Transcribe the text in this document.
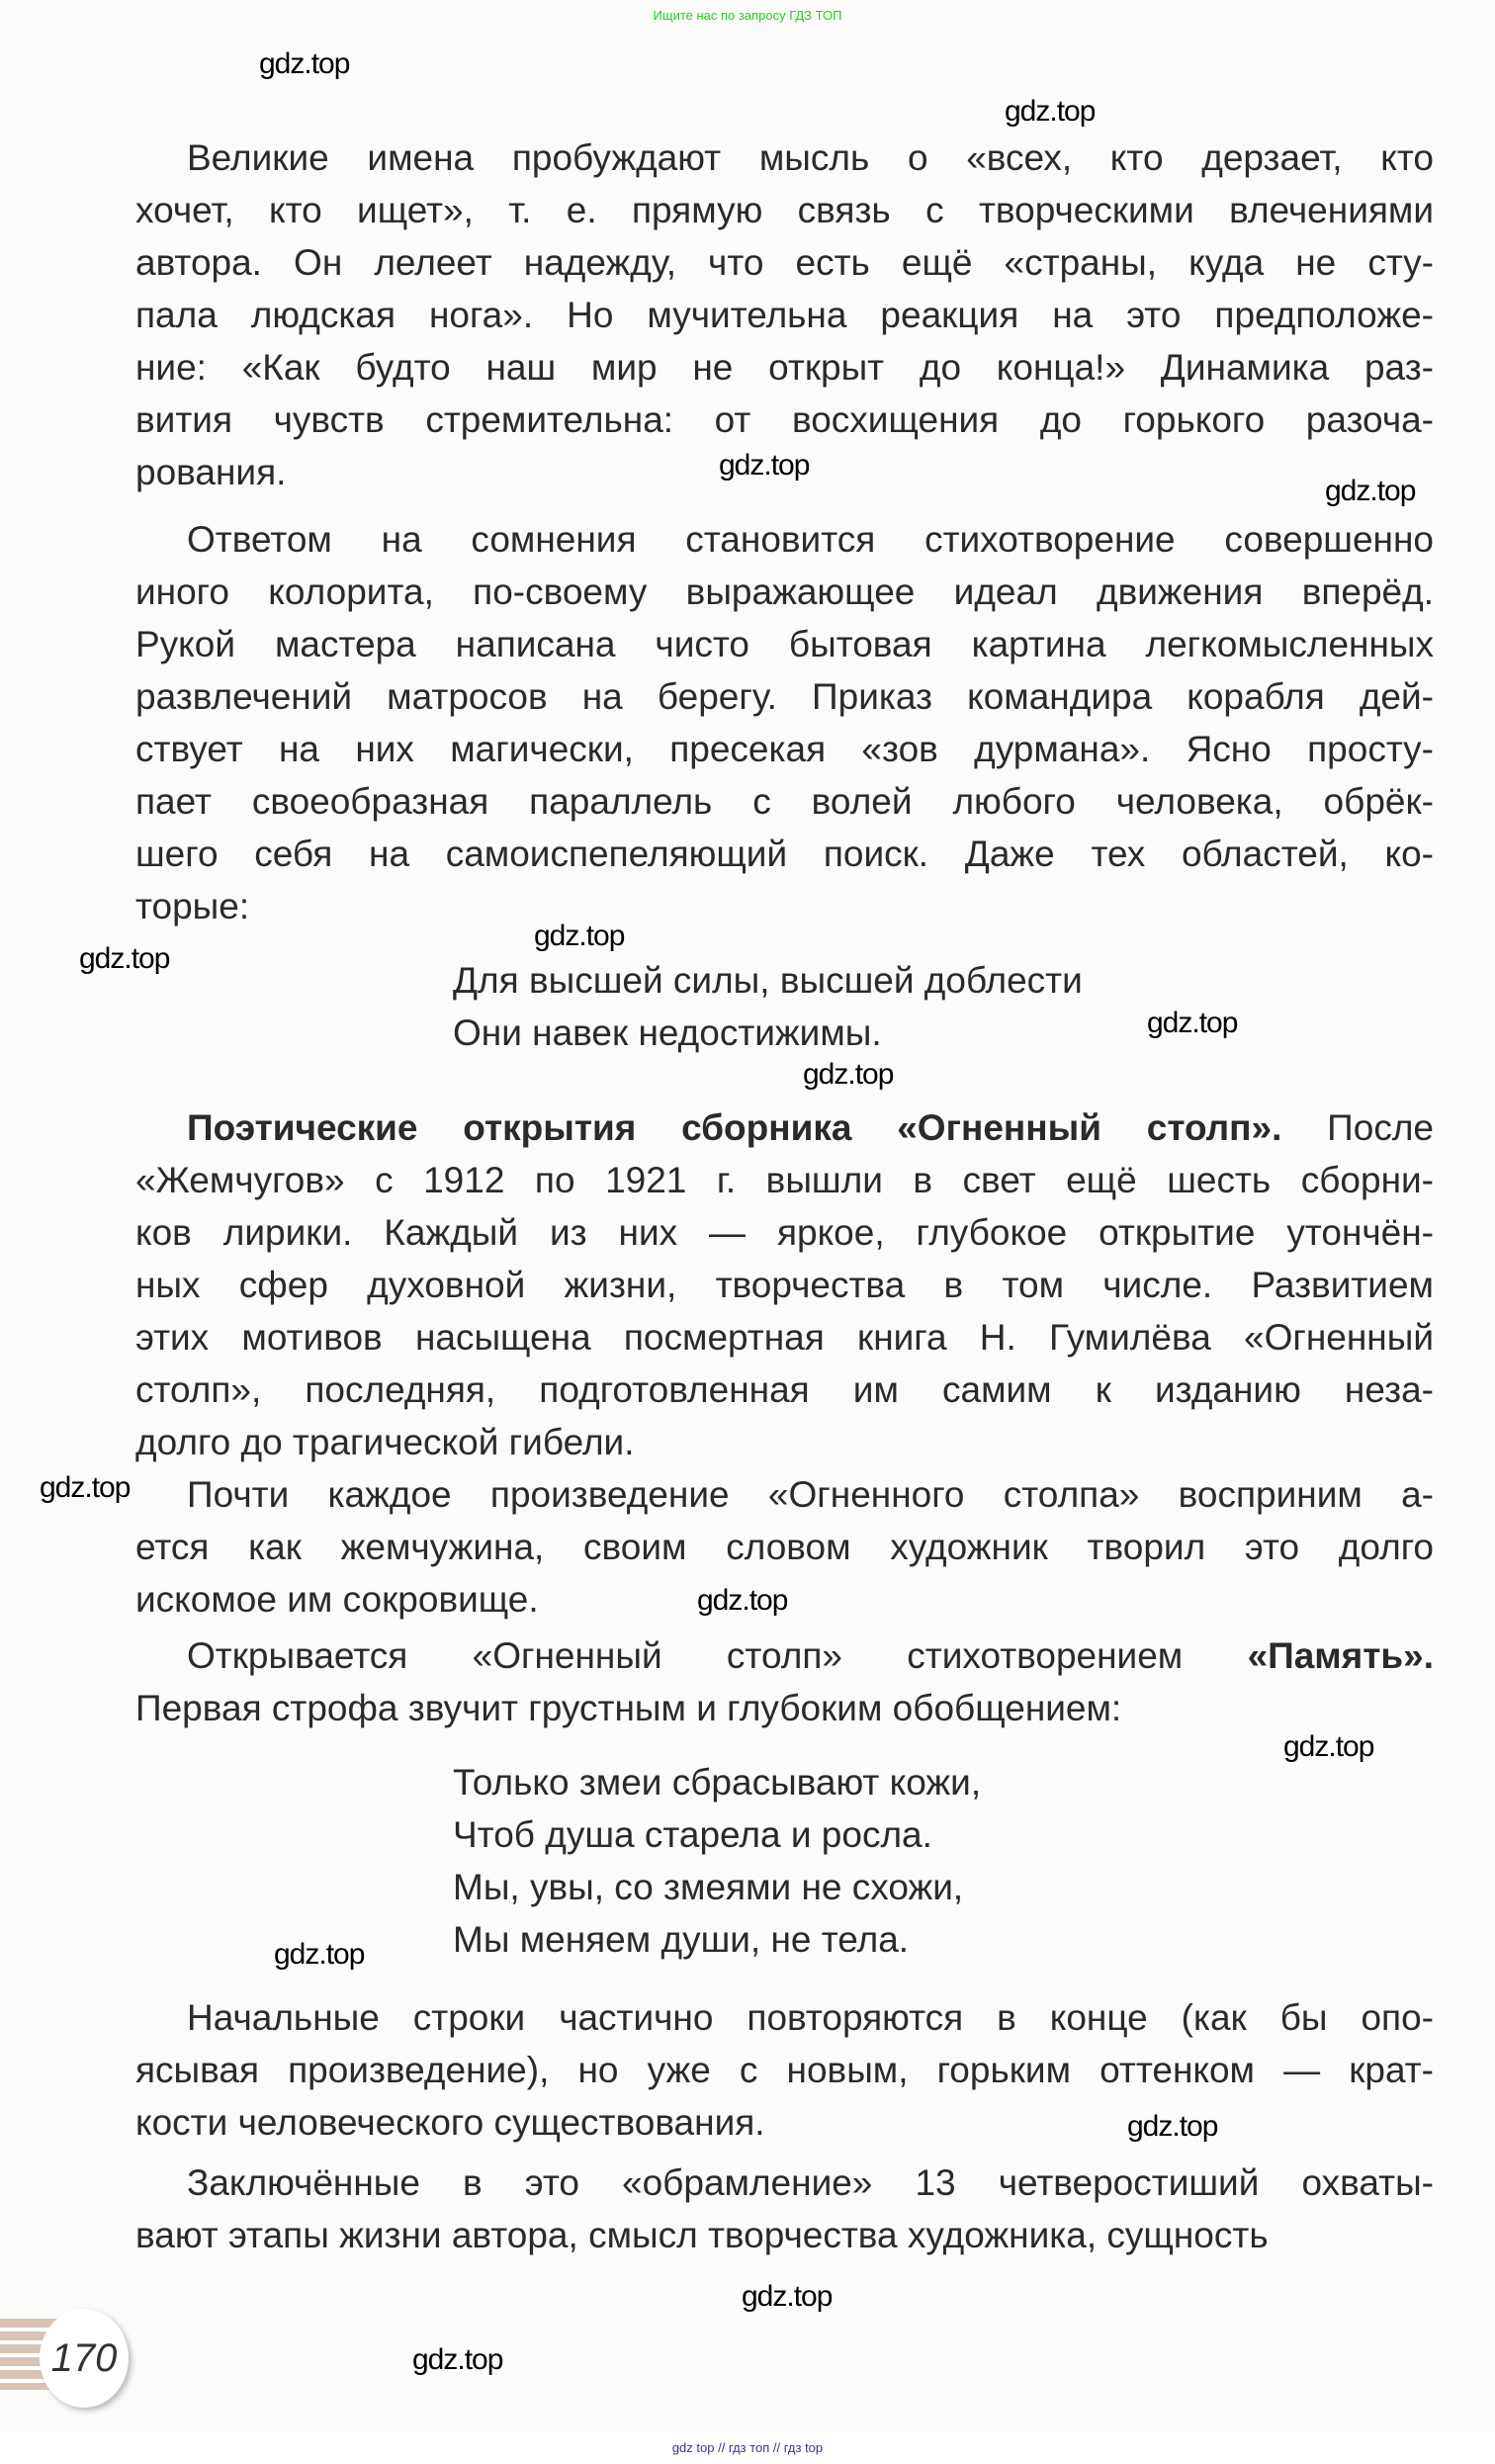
Ищите нас по запросу ГДЗ ТОП
Великие имена пробуждают мысль о «всех, кто дерзает, кто
хочет, кто ищет», т. е. прямую связь с творческими влечениями
автора. Он лелеет надежду, что есть ещё «страны, куда не сту-
пала людская нога». Но мучительна реакция на это предположе-
ние: «Как будто наш мир не открыт до конца!» Динамика раз-
вития чувств стремительна: от восхищения до горького разоча-
рования.
Ответом на сомнения становится стихотворение совершенно
иного колорита, по-своему выражающее идеал движения вперёд.
Рукой мастера написана чисто бытовая картина легкомысленных
развлечений матросов на берегу. Приказ командира корабля дей-
ствует на них магически, пресекая «зов дурмана». Ясно просту-
пает своеобразная параллель с волей любого человека, обрёк-
шего себя на самоиспепеляющий поиск. Даже тех областей, ко-
торые:
Для высшей силы, высшей доблести
Они навек недостижимы.
Поэтические открытия сборника «Огненный столп». После
«Жемчугов» с 1912 по 1921 г. вышли в свет ещё шесть сборни-
ков лирики. Каждый из них — яркое, глубокое открытие утончён-
ных сфер духовной жизни, творчества в том числе. Развитием
этих мотивов насыщена посмертная книга Н. Гумилёва «Огненный
столп», последняя, подготовленная им самим к изданию неза-
долго до трагической гибели.
Почти каждое произведение «Огненного столпа» восприним а-
ется как жемчужина, своим словом художник творил это долго
искомое им сокровище.
Открывается «Огненный столп» стихотворением «Память».
Первая строфа звучит грустным и глубоким обобщением:
Только змеи сбрасывают кожи,
Чтоб душа старела и росла.
Мы, увы, со змеями не схожи,
Мы меняем души, не тела.
Начальные строки частично повторяются в конце (как бы опо-
ясывая произведение), но уже с новым, горьким оттенком — крат-
кости человеческого существования.
Заключённые в это «обрамление» 13 четверостиший охваты-
вают этапы жизни автора, смысл творчества художника, сущность
170
gdz.top
gdz.top
gdz.top
gdz.top
gdz.top
gdz.top
gdz.top
gdz.top
gdz.top
gdz.top
gdz.top
gdz.top
gdz.top
gdz.top
gdz.top
gdz top // гдз топ // гдз top
